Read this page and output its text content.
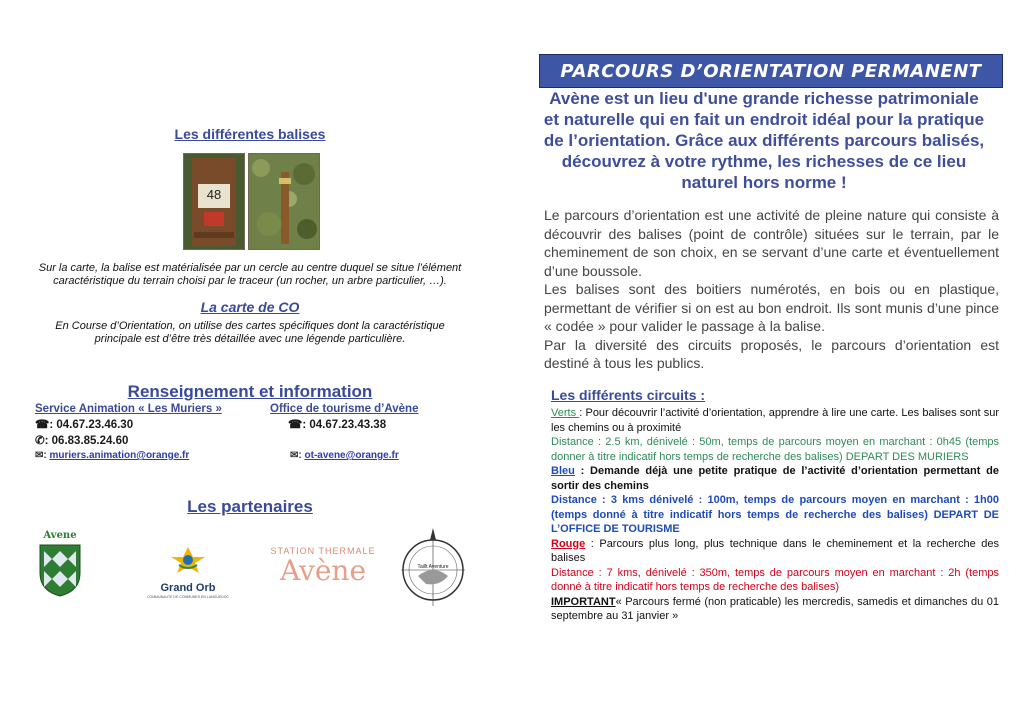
Les différentes balises
48
Sur la carte, la balise est matérialisée par un cercle au centre duquel se situe l’élément
caractéristique du terrain choisi par le traceur (un rocher, un arbre particulier, …).
La carte de CO
En Course d’Orientation, on utilise des cartes spécifiques dont la caractéristique
principale est d’être très détaillée avec une légende particulière.
Renseignement et information
Service Animation « Les Muriers »
☎: 04.67.23.46.30
✆: 06.83.85.24.60
✉: muriers.animation@orange.fr
Office de tourisme d’Avène
☎: 04.67.23.43.38
✉: ot-avene@orange.fr
Les partenaires
Avene
Grand Orb
COMMUNAUTE DE COMMUNES EN LANGUEDOC
STATION THERMALE
Avène	Taillt Aventure
PARCOURS D’ORIENTATION PERMANENT
Avène est un lieu d'une grande richesse patrimoniale
et naturelle qui en fait un endroit idéal pour la pratique
de l’orientation. Grâce aux différents parcours balisés,
découvrez à votre rythme, les richesses de ce lieu
naturel hors norme !
Le parcours d’orientation est une activité de pleine nature qui consiste à découvrir des balises (point de contrôle) situées sur le terrain, par le cheminement de son choix, en se servant d’une carte et éventuellement d’une boussole.
Les balises sont des boitiers numérotés, en bois ou en plastique, permettant de vérifier si on est au bon endroit. Ils sont munis d’une pince « codée » pour valider le passage à la balise.
Par la diversité des circuits proposés, le parcours d’orientation est destiné à tous les publics.
Les différents circuits :
Verts : Pour découvrir l’activité d’orientation, apprendre à lire une carte. Les balises sont sur les chemins ou à proximité
Distance : 2.5 km, dénivelé : 50m, temps de parcours moyen en marchant : 0h45 (temps donner à titre indicatif hors temps de recherche des balises) DEPART DES MURIERS
Bleu : Demande déjà une petite pratique de l’activité d’orientation permettant de sortir des chemins
Distance : 3 kms dénivelé : 100m, temps de parcours moyen en marchant : 1h00 (temps donné à titre indicatif hors temps de recherche des balises) DEPART DE L’OFFICE DE TOURISME
Rouge : Parcours plus long, plus technique dans le cheminement et la recherche des balises
Distance : 7 kms, dénivelé : 350m, temps de parcours moyen en marchant : 2h (temps donné à titre indicatif hors temps de recherche des balises)
IMPORTANT« Parcours fermé (non praticable) les mercredis, samedis et dimanches du 01 septembre au 31 janvier »
